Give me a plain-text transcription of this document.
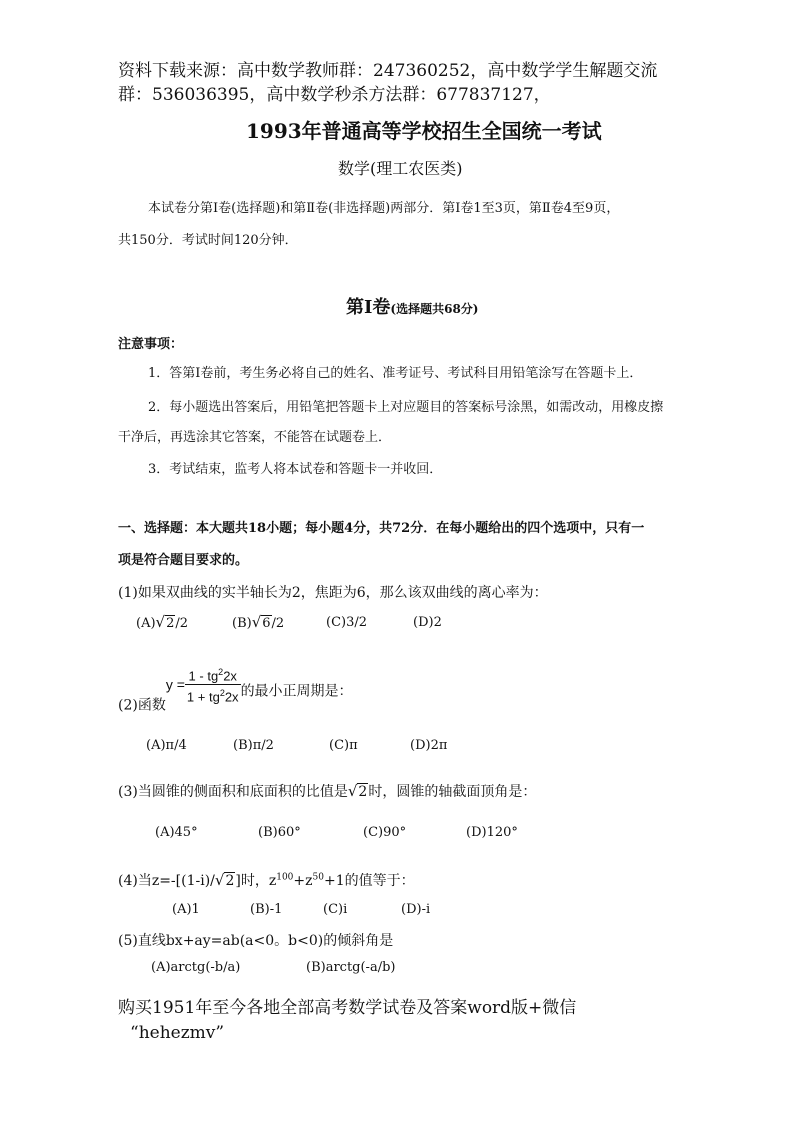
资料下载来源：高中数学教师群：247360252，高中数学学生解题交流
群：536036395，高中数学秒杀方法群：677837127，
1993年普通高等学校招生全国统一考试
数学(理工农医类)
本试卷分第Ⅰ卷(选择题)和第Ⅱ卷(非选择题)两部分．第Ⅰ卷1至3页，第Ⅱ卷4至9页，
共150分．考试时间120分钟．
第Ⅰ卷(选择题共68分)
注意事项：
1．答第Ⅰ卷前，考生务必将自己的姓名、准考证号、考试科目用铅笔涂写在答题卡上．
2．每小题选出答案后，用铅笔把答题卡上对应题目的答案标号涂黑，如需改动，用橡皮擦
干净后，再选涂其它答案，不能答在试题卷上．
3．考试结束，监考人将本试卷和答题卡一并收回．
一、选择题：本大题共18小题；每小题4分，共72分．在每小题给出的四个选项中，只有一
项是符合题目要求的。
(1)如果双曲线的实半轴长为2，焦距为6，那么该双曲线的离心率为：
(A)√2/2	(B)√6/2	(C)3/2	(D)2
(2)函数$y = \frac{1 - tg^22x}{1 + tg^22x}$ 的最小正周期是：
(A)π/4	(B)π/2	(C)π	(D)2π
(3)当圆锥的侧面积和底面积的比值是√2时，圆锥的轴截面顶角是：
(A)45°	(B)60°	(C)90°	(D)120°
(4)当z=-[(1-i)/√2]时，$z^{100}+z^{50}+1$的值等于：
(A)1	(B)-1	(C)i	(D)-i
(5)直线bx+ay=ab(a<0。b<0)的倾斜角是
(A)arctg(-b/a)	(B)arctg(-a/b)
购买1951年至今各地全部高考数学试卷及答案word版+微信
“hehezmv”
